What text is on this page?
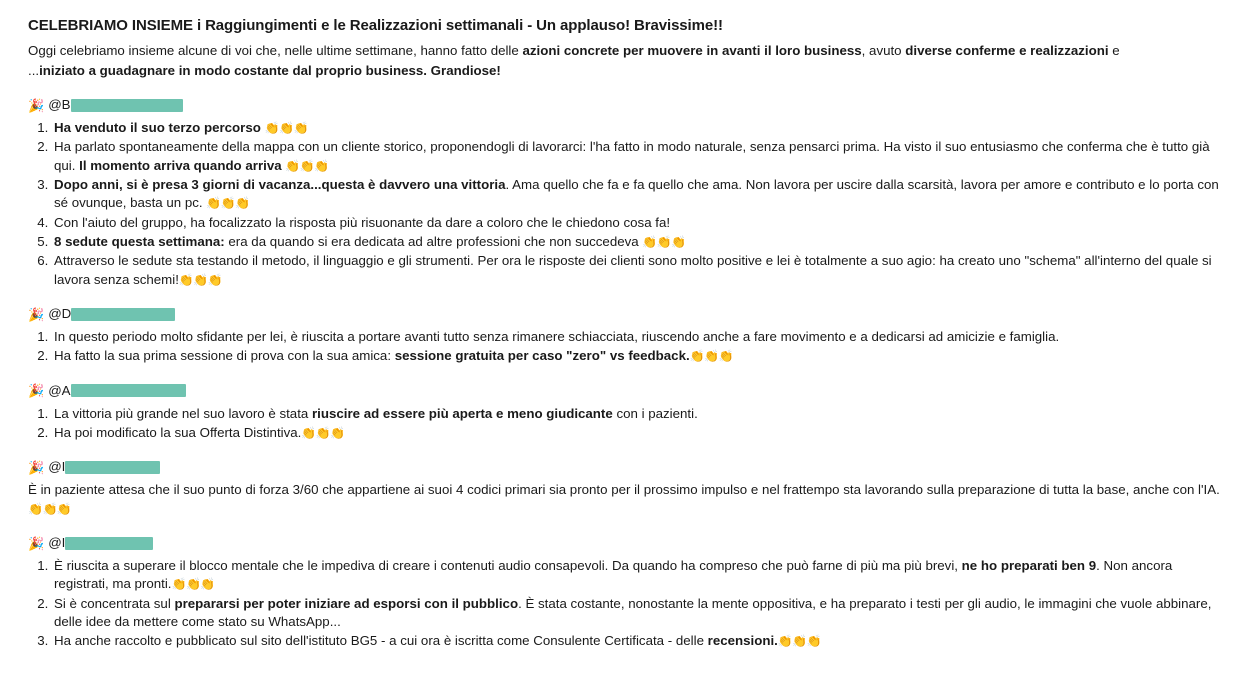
CELEBRIAMO INSIEME i Raggiungimenti e le Realizzazioni settimanali - Un applauso! Bravissime!!

Oggi celebriamo insieme alcune di voi che, nelle ultime settimane, hanno fatto delle azioni concrete per muovere in avanti il loro business, avuto diverse conferme e realizzazioni e

...iniziato a guadagnare in modo costante dal proprio business. Grandiose!

🎉 @B
1. Ha venduto il suo terzo percorso 👏👏👏
2. Ha parlato spontaneamente della mappa con un cliente storico, proponendogli di lavorarci: l'ha fatto in modo naturale, senza pensarci prima. Ha visto il suo entusiasmo che conferma che è tutto già qui. Il momento arriva quando arriva 👏👏👏
3. Dopo anni, si è presa 3 giorni di vacanza...questa è davvero una vittoria. Ama quello che fa e fa quello che ama. Non lavora per uscire dalla scarsità, lavora per amore e contributo e lo porta con sé ovunque, basta un pc. 👏👏👏
4. Con l'aiuto del gruppo, ha focalizzato la risposta più risuonante da dare a coloro che le chiedono cosa fa!
5. 8 sedute questa settimana: era da quando si era dedicata ad altre professioni che non succedeva 👏👏👏
6. Attraverso le sedute sta testando il metodo, il linguaggio e gli strumenti. Per ora le risposte dei clienti sono molto positive e lei è totalmente a suo agio: ha creato uno "schema" all'interno del quale si lavora senza schemi!👏👏👏
🎉 @D
1. In questo periodo molto sfidante per lei, è riuscita a portare avanti tutto senza rimanere schiacciata, riuscendo anche a fare movimento e a dedicarsi ad amicizie e famiglia.
2. Ha fatto la sua prima sessione di prova con la sua amica: sessione gratuita per caso "zero" vs feedback.👏👏👏
🎉 @A
1. La vittoria più grande nel suo lavoro è stata riuscire ad essere più aperta e meno giudicante con i pazienti.
2. Ha poi modificato la sua Offerta Distintiva.👏👏👏
🎉 @I

È in paziente attesa che il suo punto di forza 3/60 che appartiene ai suoi 4 codici primari sia pronto per il prossimo impulso e nel frattempo sta lavorando sulla preparazione di tutta la base, anche con l'IA. 👏👏👏

🎉 @I
1. È riuscita a superare il blocco mentale che le impediva di creare i contenuti audio consapevoli. Da quando ha compreso che può farne di più ma più brevi, ne ho preparati ben 9. Non ancora registrati, ma pronti.👏👏👏
2. Si è concentrata sul prepararsi per poter iniziare ad esporsi con il pubblico. È stata costante, nonostante la mente oppositiva, e ha preparato i testi per gli audio, le immagini che vuole abbinare, delle idee da mettere come stato su WhatsApp...
3. Ha anche raccolto e pubblicato sul sito dell'istituto BG5 - a cui ora è iscritta come Consulente Certificata - delle recensioni.👏👏👏
